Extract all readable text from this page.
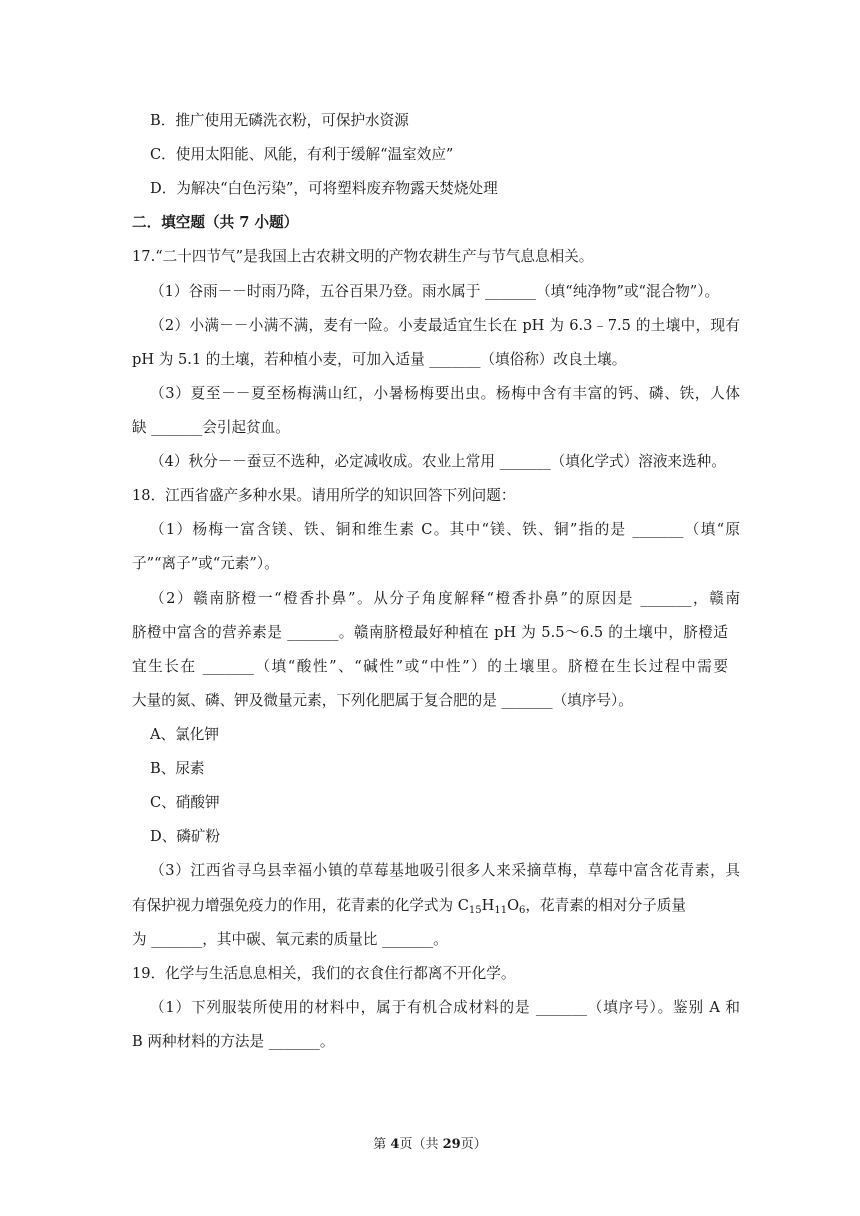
B．推广使用无磷洗衣粉，可保护水资源
C．使用太阳能、风能，有利于缓解“温室效应”
D．为解决“白色污染”，可将塑料废弃物露天焚烧处理
二．填空题（共 7 小题）
17.“二十四节气”是我国上古农耕文明的产物农耕生产与节气息息相关。
（1）谷雨－－时雨乃降，五谷百果乃登。雨水属于 _______（填“纯净物”或“混合物”）。
（2）小满－－小满不满，麦有一险。小麦最适宜生长在 pH 为 6.3﹣7.5 的土壤中，现有
pH 为 5.1 的土壤，若种植小麦，可加入适量 _______（填俗称）改良土壤。
（3）夏至－－夏至杨梅满山红，小暑杨梅要出虫。杨梅中含有丰富的钙、磷、铁，人体
缺 _______会引起贫血。
（4）秋分－－蚕豆不选种，必定减收成。农业上常用 _______（填化学式）溶液来选种。
18．江西省盛产多种水果。请用所学的知识回答下列问题：
（1）杨梅一富含镁、铁、铜和维生素 C。其中“镁、铁、铜”指的是 _______（填“原
子”“离子”或“元素”）。
（2）赣南脐橙一“橙香扑鼻”。从分子角度解释“橙香扑鼻”的原因是 _______，赣南
脐橙中富含的营养素是 _______。赣南脐橙最好种植在 pH 为 5.5～6.5 的土壤中，脐橙适
宜生长在 _______（填“酸性”、“碱性”或“中性”）的土壤里。脐橙在生长过程中需要
大量的氮、磷、钾及微量元素，下列化肥属于复合肥的是 _______（填序号）。
A、氯化钾
B、尿素
C、硝酸钾
D、磷矿粉
（3）江西省寻乌县幸福小镇的草莓基地吸引很多人来采摘草梅，草莓中富含花青素，具
有保护视力增强免疫力的作用，花青素的化学式为 $C_{15}H_{11}O_6$，花青素的相对分子质量
为 _______，其中碳、氧元素的质量比 _______。
19．化学与生活息息相关，我们的衣食住行都离不开化学。
（1）下列服装所使用的材料中，属于有机合成材料的是 _______（填序号）。鉴别 A 和
B 两种材料的方法是 _______。
第 4页（共 29页）
